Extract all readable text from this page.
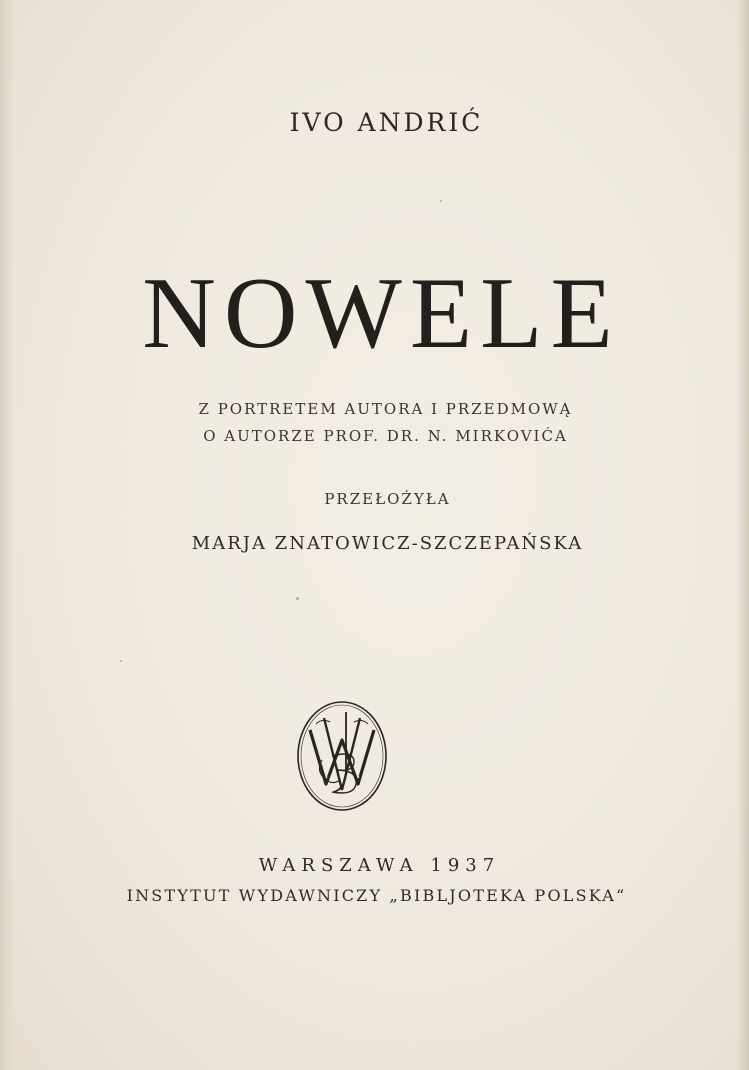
IVO ANDRIĆ
NOWELE
Z PORTRETEM AUTORA I PRZEDMOWĄ
O AUTORZE PROF. DR. N. MIRKOVIĆA
PRZEŁOŻYŁA
MARJA ZNATOWICZ-SZCZEPAŃSKA
WARSZAWA 1937
INSTYTUT WYDAWNICZY „BIBLJOTEKA POLSKA“
